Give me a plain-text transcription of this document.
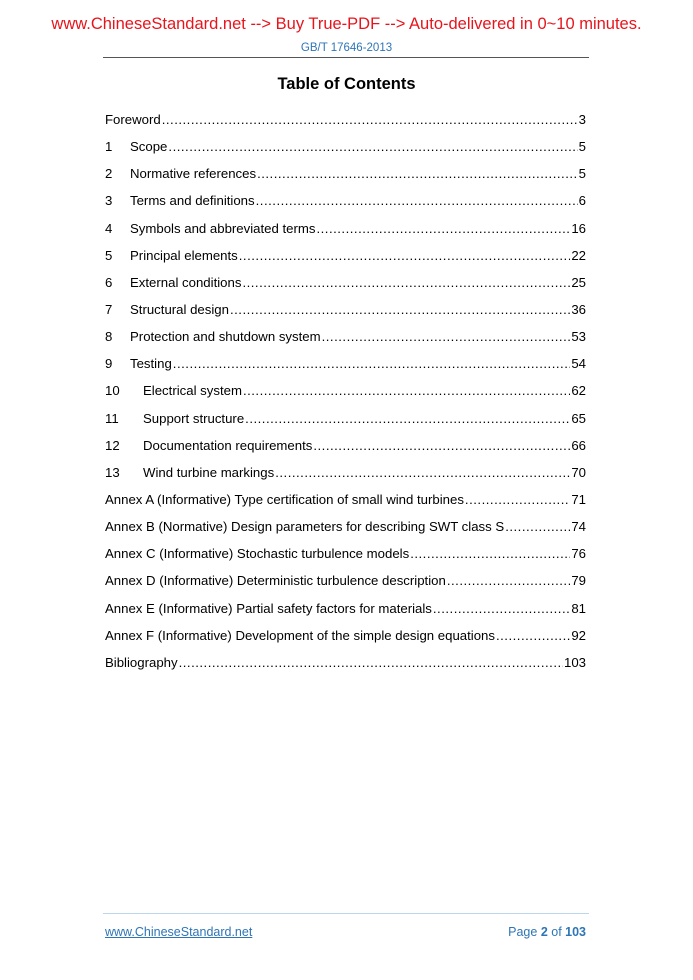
www.ChineseStandard.net --> Buy True-PDF --> Auto-delivered in 0~10 minutes.
GB/T 17646-2013
Table of Contents
Foreword .....	3
1	Scope .....	5
2	Normative references .....	5
3	Terms and definitions .....	6
4	Symbols and abbreviated terms .....	16
5	Principal elements .....	22
6	External conditions .....	25
7	Structural design .....	36
8	Protection and shutdown system .....	53
9	Testing .....	54
10	Electrical system .....	62
11	Support structure .....	65
12	Documentation requirements .....	66
13	Wind turbine markings .....	70
Annex A (Informative) Type certification of small wind turbines .....	71
Annex B (Normative) Design parameters for describing SWT class S .....	74
Annex C (Informative) Stochastic turbulence models .....	76
Annex D (Informative) Deterministic turbulence description .....	79
Annex E (Informative) Partial safety factors for materials .....	81
Annex F (Informative) Development of the simple design equations .....	92
Bibliography .....	103
www.ChineseStandard.net	Page 2 of 103
